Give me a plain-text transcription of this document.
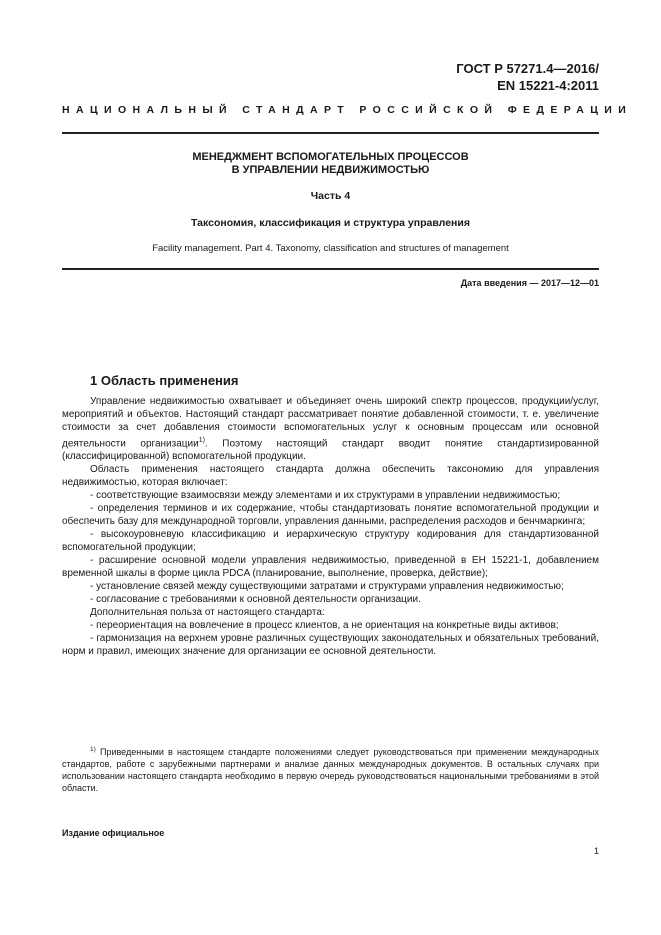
ГОСТ Р 57271.4—2016/
EN 15221-4:2011
НАЦИОНАЛЬНЫЙ СТАНДАРТ РОССИЙСКОЙ ФЕДЕРАЦИИ
МЕНЕДЖМЕНТ ВСПОМОГАТЕЛЬНЫХ ПРОЦЕССОВ
В УПРАВЛЕНИИ НЕДВИЖИМОСТЬЮ
Часть 4
Таксономия, классификация и структура управления
Facility management. Part 4. Taxonomy, classification and structures of management
Дата введения — 2017—12—01
1 Область применения

Управление недвижимостью охватывает и объединяет очень широкий спектр процессов, продукции/услуг, мероприятий и объектов. Настоящий стандарт рассматривает понятие добавленной стоимости, т. е. увеличение стоимости за счет добавления стоимости вспомогательных услуг к основным процессам или основной деятельности организации$^{1)}$. Поэтому настоящий стандарт вводит понятие стандартизированной (классифицированной) вспомогательной продукции.

Область применения настоящего стандарта должна обеспечить таксономию для управления недвижимостью, которая включает:

- соответствующие взаимосвязи между элементами и их структурами в управлении недвижимостью;

- определения терминов и их содержание, чтобы стандартизовать понятие вспомогательной продукции и обеспечить базу для международной торговли, управления данными, распределения расходов и бенчмаркинга;

- высокоуровневую классификацию и иерархическую структуру кодирования для стандартизованной вспомогательной продукции;

- расширение основной модели управления недвижимостью, приведенной в ЕН 15221-1, добавлением временной шкалы в форме цикла PDCA (планирование, выполнение, проверка, действие);

- установление связей между существующими затратами и структурами управления недвижимостью;

- согласование с требованиями к основной деятельности организации.

Дополнительная польза от настоящего стандарта:

- переориентация на вовлечение в процесс клиентов, а не ориентация на конкретные виды активов;

- гармонизация на верхнем уровне различных существующих законодательных и обязательных требований, норм и правил, имеющих значение для организации ее основной деятельности.

$^{1)}$ Приведенными в настоящем стандарте положениями следует руководствоваться при применении международных стандартов, работе с зарубежными партнерами и анализе данных международных документов. В остальных случаях при использовании настоящего стандарта необходимо в первую очередь руководствоваться национальными требованиями в этой области.

Издание официальное
1
